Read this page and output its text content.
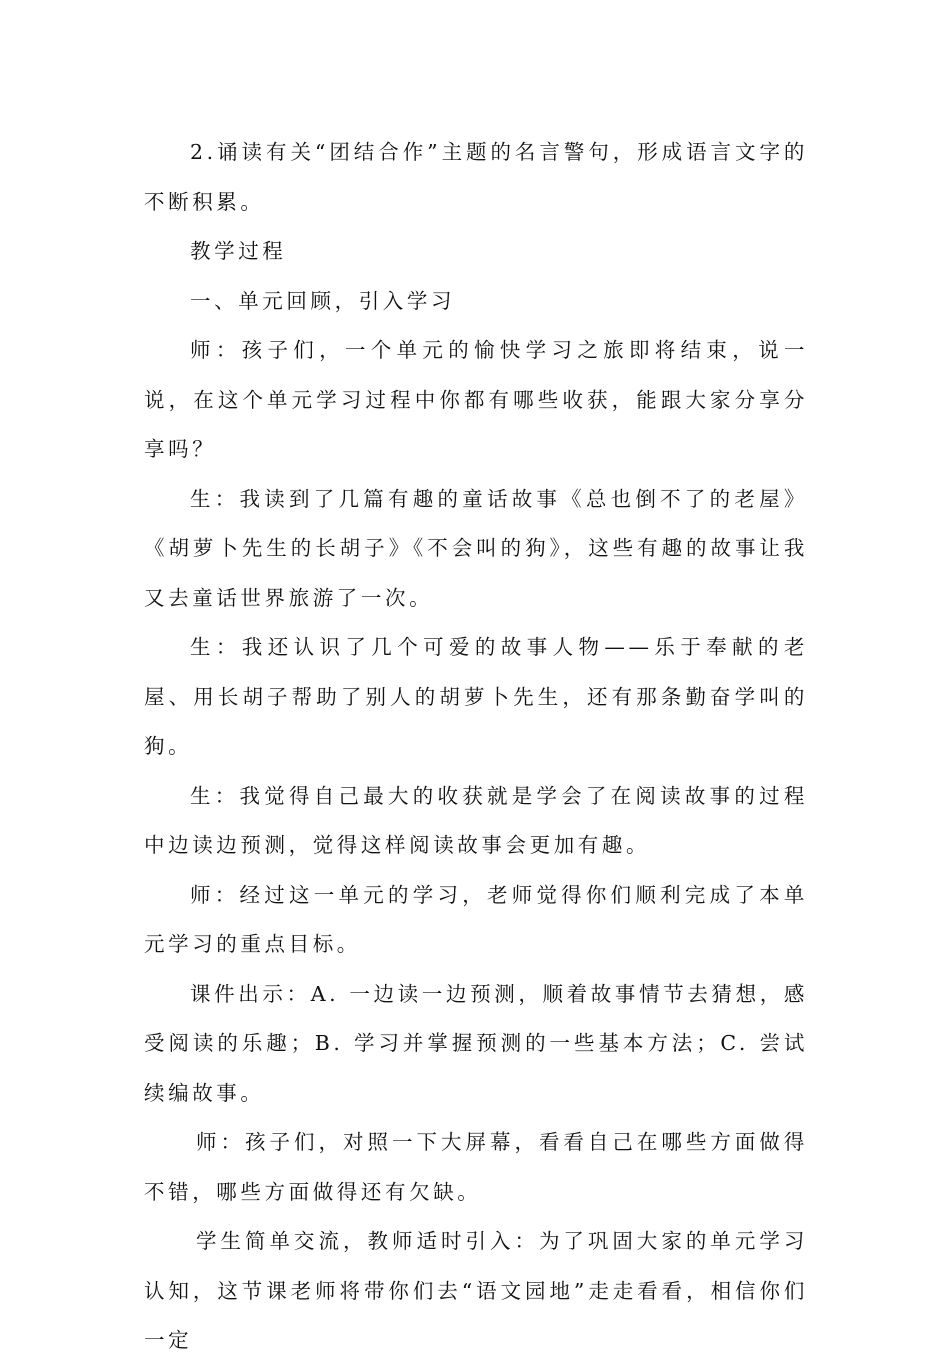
2.诵读有关“团结合作”主题的名言警句，形成语言文字的不断积累。

教学过程

一、单元回顾，引入学习

师：孩子们，一个单元的愉快学习之旅即将结束，说一说，在这个单元学习过程中你都有哪些收获，能跟大家分享分享吗？

生：我读到了几篇有趣的童话故事《总也倒不了的老屋》《胡萝卜先生的长胡子》《不会叫的狗》，这些有趣的故事让我又去童话世界旅游了一次。

生：我还认识了几个可爱的故事人物——乐于奉献的老屋、用长胡子帮助了别人的胡萝卜先生，还有那条勤奋学叫的狗。

生：我觉得自己最大的收获就是学会了在阅读故事的过程中边读边预测，觉得这样阅读故事会更加有趣。

师：经过这一单元的学习，老师觉得你们顺利完成了本单元学习的重点目标。

课件出示：A. 一边读一边预测，顺着故事情节去猜想，感受阅读的乐趣；B. 学习并掌握预测的一些基本方法；C. 尝试续编故事。

师：孩子们，对照一下大屏幕，看看自己在哪些方面做得不错，哪些方面做得还有欠缺。

学生简单交流，教师适时引入：为了巩固大家的单元学习认知，这节课老师将带你们去“语文园地”走走看看，相信你们一定
